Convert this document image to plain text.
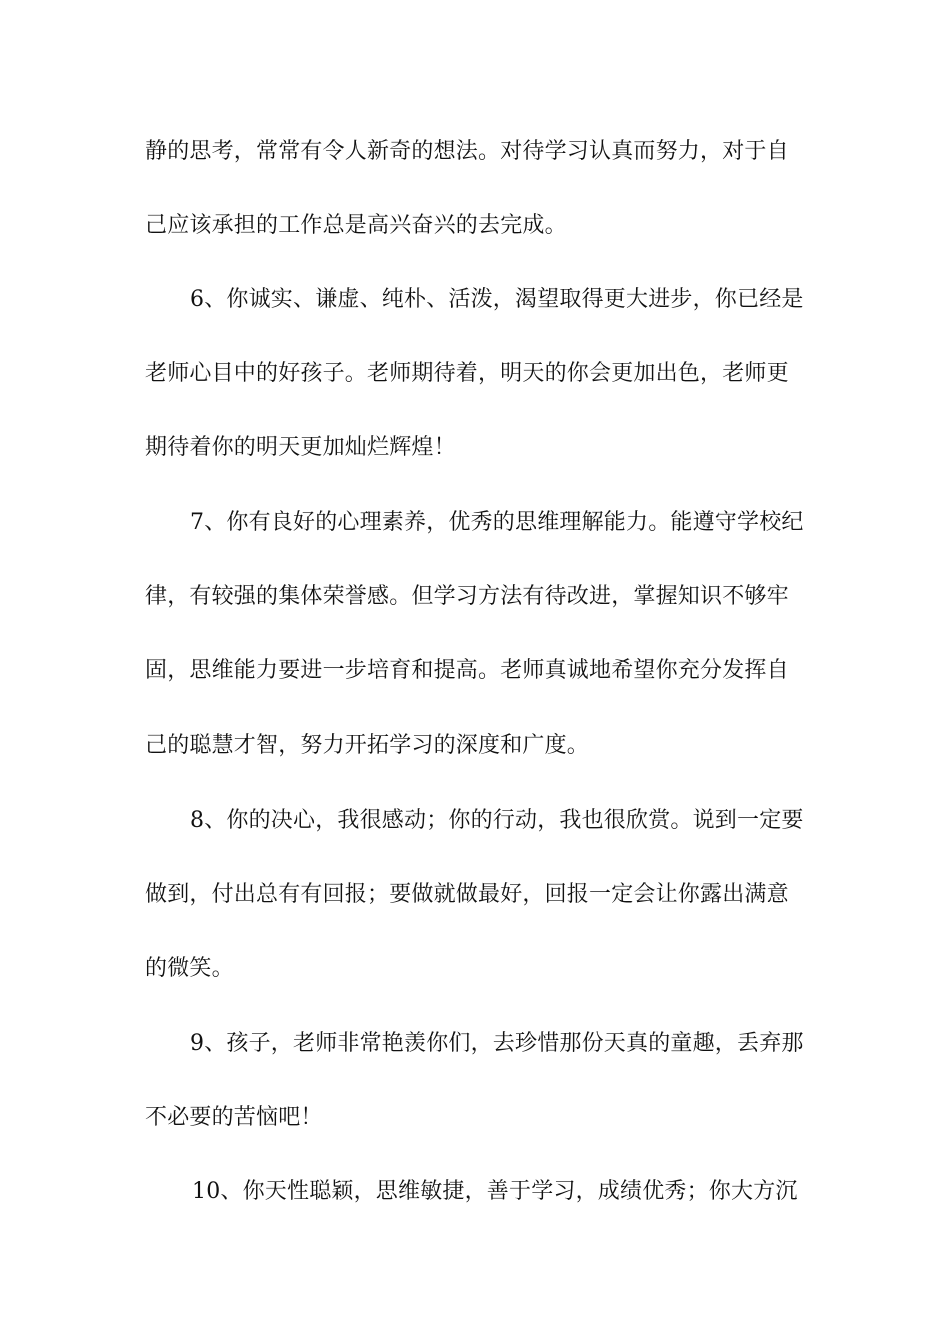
静的思考，常常有令人新奇的想法。对待学习认真而努力，对于自
己应该承担的工作总是高兴奋兴的去完成。
6、你诚实、谦虚、纯朴、活泼，渴望取得更大进步，你已经是
老师心目中的好孩子。老师期待着，明天的你会更加出色，老师更
期待着你的明天更加灿烂辉煌！
7、你有良好的心理素养，优秀的思维理解能力。能遵守学校纪
律，有较强的集体荣誉感。但学习方法有待改进，掌握知识不够牢
固，思维能力要进一步培育和提高。老师真诚地希望你充分发挥自
己的聪慧才智，努力开拓学习的深度和广度。
8、你的决心，我很感动；你的行动，我也很欣赏。说到一定要
做到，付出总有有回报；要做就做最好，回报一定会让你露出满意
的微笑。
9、孩子，老师非常艳羡你们，去珍惜那份天真的童趣，丢弃那
不必要的苦恼吧！
10、你天性聪颖，思维敏捷，善于学习，成绩优秀；你大方沉
